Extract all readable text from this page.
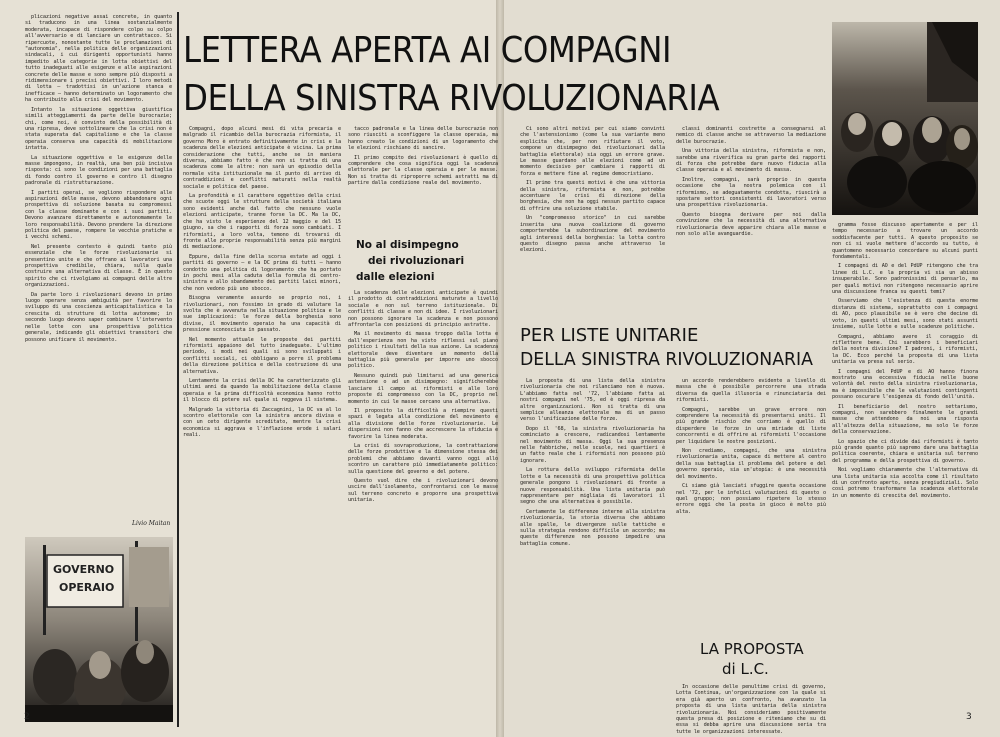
plicazioni negative assai concrete, in quanto si traducono in una linea sostanzialmente moderata, incapace di rispondere colpo su colpo all'avversario e di lanciare un contrattacco. Si ripercuote, nonostante tutte le proclamazioni di "autonomia", nella politica delle organizzazioni sindacali, i cui dirigenti opportunisti hanno impedito alle categorie in lotta obiettivi del tutto inadeguati alle esigenze e alle aspirazioni concrete delle masse e sono sempre più disposti a ridimensionare i precisi obiettivi. I loro metodi di lotta — tradottisi in un'azione stanca e inefficace — hanno determinato un logoramento che ha contribuito alla crisi del movimento.

Intanto la situazione oggettiva giustifica simili atteggiamenti da parte delle burocrazie; chi, come noi, è convinto della possibilità di una ripresa, deve sottolineare che la crisi non è stata superata dal capitalismo e che la classe operaia conserva una capacità di mobilitazione intatta.

La situazione oggettiva e le esigenze delle masse impongono, in realtà, una ben più incisiva risposta: ci sono le condizioni per una battaglia di fondo contro il governo e contro il disegno padronale di ristrutturazione.

I partiti operai, se vogliono rispondere alle aspirazioni delle masse, devono abbandonare ogni prospettiva di soluzione basata su compromessi con la classe dominante e con i suoi partiti. Devono avanzare direttamente e autonomamente le loro responsabilità. Devono prendere la direzione politica del paese, rompere le vecchie pratiche e i vecchi schemi.

Nel presente contesto è quindi tanto più essenziale che le forze rivoluzionarie si presentino unite e che offrano ai lavoratori una prospettiva credibile, chiara, sulla quale costruire una alternativa di classe. È in questo spirito che ci rivolgiamo ai compagni delle altre organizzazioni.

Da parte loro i rivoluzionari devono in primo luogo operare senza ambiguità per favorire lo sviluppo di una coscienza anticapitalistica e la crescita di strutture di lotta autonome; in secondo luogo devono saper combinare l'intervento nelle lotte con una prospettiva politica generale, indicando gli obiettivi transitori che possono unificare il movimento.

Livio Maitan
GOVERNO
OPERAIO
LETTERA APERTA AI COMPAGNI
DELLA SINISTRA RIVOLUZIONARIA

Compagni, dopo alcuni mesi di vita precaria e malgrado il ricambio della burocrazia riformista, il governo Moro è entrato definitivamente in crisi e la scadenza delle elezioni anticipate è vicina. La prima considerazione che tutti, anche se in maniera diversa, abbiamo fatto è che non si tratta di una scadenza come le altre: non sarà un episodio della normale vita istituzionale ma il punto di arrivo di contraddizioni e conflitti maturati nella realtà sociale e politica del paese.

La profondità e il carattere oggettivo della crisi che scuote oggi le strutture della società italiana sono evidenti anche dal fatto che nessuno vuole elezioni anticipate, tranne forse la DC. Ma la DC, che ha visto le esperienze del 12 maggio e del 15 giugno, sa che i rapporti di forza sono cambiati. I riformisti, a loro volta, temono di trovarsi di fronte alle proprie responsabilità senza più margini di mediazione.

Eppure, dalla fine della scorsa estate ad oggi i partiti di governo — e la DC prima di tutti — hanno condotto una politica di logoramento che ha portato in pochi mesi alla caduta della formula di centro-sinistra e allo sbandamento dei partiti laici minori, che non vedono più uno sbocco.

Bisogna veramente assurdo se proprio noi, i rivoluzionari, non fossimo in grado di valutare la svolta che è avvenuta nella situazione politica e le sue implicazioni: le forze della borghesia sono divise, il movimento operaio ha una capacità di pressione sconosciuta in passato.

Nel momento attuale le proposte dei partiti riformisti appaiono del tutto inadeguate. L'ultimo periodo, i modi nei quali si sono sviluppati i conflitti sociali, ci obbligano a porre il problema della direzione politica e della costruzione di una alternativa.

Lentamente la crisi della DC ha caratterizzato gli ultimi anni da quando la mobilitazione della classe operaia e la prima difficoltà economica hanno rotto il blocco di potere sul quale si reggeva il sistema.

Malgrado la vittoria di Zaccagnini, la DC va al lo scontro elettorale con la sinistra ancora divisa e con un ceto dirigente screditato, mentre la crisi economica si aggrava e l'inflazione erode i salari reali.

tacco padronale e la linea delle burocrazie non sono riusciti a sconfiggere la classe operaia, ma hanno creato le condizioni di un logoramento che le elezioni rischiano di sancire.

Il primo compito dei rivoluzionari è quello di comprendere che cosa significa oggi la scadenza elettorale per la classe operaia e per le masse. Non si tratta di riproporre schemi astratti ma di partire dalla condizione reale del movimento.

No al disimpegno
dei rivoluzionari
dalle elezioni

La scadenza delle elezioni anticipate è quindi il prodotto di contraddizioni maturate a livello sociale e non sul terreno istituzionale. Di conflitti di classe e non di idee. I rivoluzionari non possono ignorare la scadenza e non possono affrontarla con posizioni di principio astratte.

Ma il movimento di massa troppo dalla lotta e dall'esperienza non ha visto riflessi sul piano politico i risultati della sua azione. La scadenza elettorale deve diventare un momento della battaglia più generale per imporre uno sbocco politico.

Nessuno quindi può limitarsi ad una generica astensione o ad un disimpegno: significherebbe lasciare il campo ai riformisti e alle loro proposte di compromesso con la DC, proprio nel momento in cui le masse cercano una alternativa.

Il proposito la difficoltà a riempire questi spazi è legata alla condizione del movimento e alla divisione delle forze rivoluzionarie. Le dispersioni non fanno che accrescere la sfiducia e favorire la linea moderata.

La crisi di sovraproduzione, la contrattazione delle forze produttive e la dimensione stessa dei problemi che abbiamo davanti vanno oggi allo scontro un carattere più immediatamente politico: sulla questione del governo e del potere.

Questo vuol dire che i rivoluzionari devono uscire dall'isolamento, confrontarsi con le masse sul terreno concreto e proporre una prospettiva unitaria.

Ci sono altri motivi per cui siamo convinti che l'astensionismo (come la sua variante meno esplicita che, per non rifiutare il voto, compone un disimpegno dei rivoluzionari dalla battaglia elettorale) sia oggi un errore grave. Le masse guardano alle elezioni come ad un momento decisivo per cambiare i rapporti di forza e mettere fine al regime democristiano.

Il primo tra questi motivi è che una vittoria della sinistra, riformista e non, potrebbe accentuare le crisi di direzione della borghesia, che non ha oggi nessun partito capace di offrire una soluzione stabile.

Un "compromesso storico" in cui sarebbe inserita una nuova coalizione di governo comporterebbe la subordinazione del movimento agli interessi della borghesia: la lotta contro questo disegno passa anche attraverso le elezioni.

classi dominanti costrette a consegnarsi al nemico di classe anche se attraverso la mediazione delle burocrazie.

Una vittoria della sinistra, riformista e non, sarebbe una riverifica su gran parte dei rapporti di forza che potrebbe dare nuovo fiducia alla classe operaia e al movimento di massa.

Inoltre, compagni, sarà proprio in questa occasione che la nostra polemica con il riformismo, se adeguatamente condotta, riuscirà a spostare settori consistenti di lavoratori verso una prospettiva rivoluzionaria.

Questo bisogna derivare per noi dalla convinzione che la necessità di una alternativa rivoluzionaria deve apparire chiara alle masse e non solo alle avanguardie.

PER LISTE UNITARIE
DELLA SINISTRA RIVOLUZIONARIA

La proposta di una lista della sinistra rivoluzionaria che noi rilanciamo non è nuova. L'abbiamo fatta nel '72, l'abbiamo fatta ai nostri compagni nel '75, ed è oggi ripresa da altre organizzazioni. Non si tratta di una semplice alleanza elettorale ma di un passo verso l'unificazione delle forze.

Dopo il '68, la sinistra rivoluzionaria ha cominciato a crescere, radicandosi lentamente nel movimento di massa. Oggi la sua presenza nelle fabbriche, nelle scuole, nei quartieri è un fatto reale che i riformisti non possono più ignorare.

La rottura dello sviluppo riformista delle lotte e la necessità di una prospettiva politica generale pongono i rivoluzionari di fronte a nuove responsabilità. Una lista unitaria può rappresentare per migliaia di lavoratori il segno che una alternativa è possibile.

Certamente le differenze interne alla sinistra rivoluzionaria, la storia diversa che abbiamo alle spalle, le divergenze sulle tattiche e sulla strategia rendono difficile un accordo; ma queste differenze non possono impedire una battaglia comune.

un accordo renderebbero evidente a livello di massa che è possibile percorrere una strada diversa da quella illusoria e rinunciataria dei riformisti.

Compagni, sarebbe un grave errore non comprendere la necessità di presentarsi uniti. Il più grande rischio che corriamo è quello di disperdere le forze in una miriade di liste concorrenti e di offrire ai riformisti l'occasione per liquidare le nostre posizioni.

Non crediamo, compagni, che una sinistra rivoluzionaria unita, capace di mettere al centro della sua battaglia il problema del potere e del governo operaio, sia un'utopia: è una necessità del movimento.

Ci siamo già lasciati sfuggire questa occasione nel '72, per le infelici valutazioni di questo o quel gruppo; non possiamo ripetere lo stesso errore oggi che la posta in gioco è molto più alta.

LA PROPOSTA
di L.C.

In occasione delle penultime crisi di governo, Lotta Continua, un'organizzazione con la quale si era già aperto un confronto, ha avanzato la proposta di una lista unitaria della sinistra rivoluzionaria. Noi consideriamo positivamente questa presa di posizione e riteniamo che su di essa si debba aprire una discussione seria tra tutte le organizzazioni interessate.

gramma fosse discusso apertamente e per il tempo necessario a trovare un accordo soddisfacente per tutti. A questo proposito se non ci si vuole mettere d'accordo su tutto, è quantomeno necessario concordare su alcuni punti fondamentali.

I compagni di AO e del PdUP ritengono che tra linee di L.C. e la propria vi sia un abisso insuperabile. Sono padronissimi di pensarlo, ma per quali motivi non ritengono necessario aprire una discussione franca su questi temi?

Osserviamo che l'esistenza di questa enorme distanza di sistema, soprattutto con i compagni di AO, poco plausibile se è vero che decine di voto, in questi ultimi mesi, sono stati assunti insieme, sulle lotte e sulle scadenze politiche.

Compagni, abbiamo avere il coraggio di riflettere bene. Chi sarebbero i beneficiari della nostra divisione? I padroni, i riformisti, la DC. Ecco perché la proposta di una lista unitaria va presa sul serio.

I compagni del PdUP e di AO hanno finora mostrato una eccessiva fiducia nelle buone volontà del resto della sinistra rivoluzionaria, ma è impossibile che le valutazioni contingenti possano oscurare l'esigenza di fondo dell'unità.

Il beneficiario del nostro settarismo, compagni, non sarebbero finalmente le grandi masse che attendono da noi una risposta all'altezza della situazione, ma solo le forze della conservazione.

Lo spazio che ci divide dai riformisti è tanto più grande quanto più sapremo dare una battaglia politica coerente, chiara e unitaria sul terreno del programma e della prospettiva di governo.

Noi vogliamo chiaramente che l'alternativa di una lista unitaria sia accolta come il risultato di un confronto aperto, senza pregiudiziali. Solo così potremo trasformare la scadenza elettorale in un momento di crescita del movimento.

2	3
